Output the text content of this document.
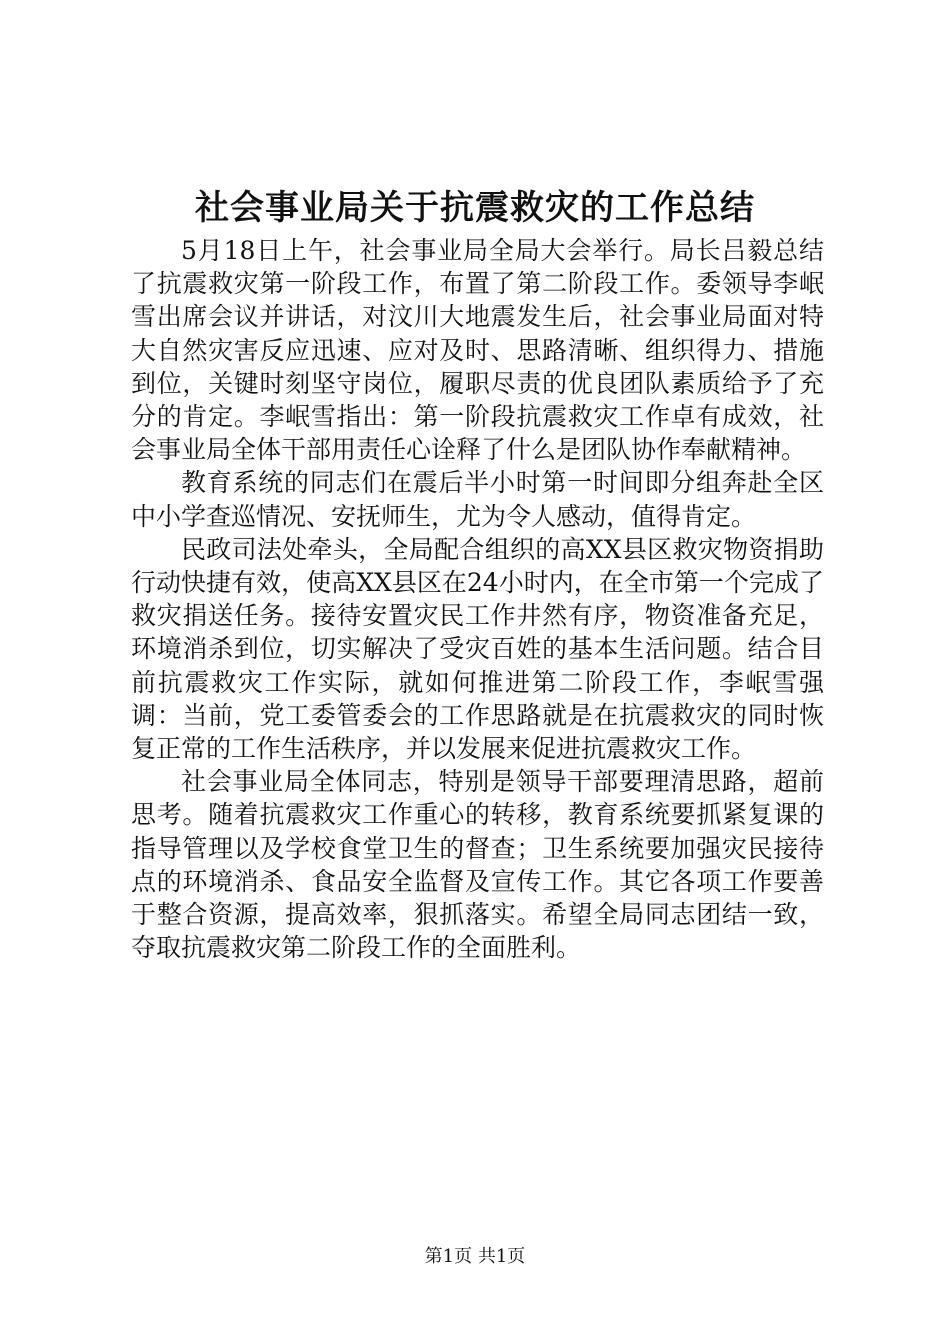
社会事业局关于抗震救灾的工作总结

5月18日上午，社会事业局全局大会举行。局长吕毅总结了抗震救灾第一阶段工作，布置了第二阶段工作。委领导李岷雪出席会议并讲话，对汶川大地震发生后，社会事业局面对特大自然灾害反应迅速、应对及时、思路清晰、组织得力、措施到位，关键时刻坚守岗位，履职尽责的优良团队素质给予了充分的肯定。李岷雪指出：第一阶段抗震救灾工作卓有成效，社会事业局全体干部用责任心诠释了什么是团队协作奉献精神。

教育系统的同志们在震后半小时第一时间即分组奔赴全区中小学查巡情况、安抚师生，尤为令人感动，值得肯定。

民政司法处牵头，全局配合组织的高XX县区救灾物资捐助行动快捷有效，使高XX县区在24小时内，在全市第一个完成了救灾捐送任务。接待安置灾民工作井然有序，物资准备充足，环境消杀到位，切实解决了受灾百姓的基本生活问题。结合目前抗震救灾工作实际，就如何推进第二阶段工作，李岷雪强调：当前，党工委管委会的工作思路就是在抗震救灾的同时恢复正常的工作生活秩序，并以发展来促进抗震救灾工作。

社会事业局全体同志，特别是领导干部要理清思路，超前思考。随着抗震救灾工作重心的转移，教育系统要抓紧复课的指导管理以及学校食堂卫生的督查；卫生系统要加强灾民接待点的环境消杀、食品安全监督及宣传工作。其它各项工作要善于整合资源，提高效率，狠抓落实。希望全局同志团结一致，夺取抗震救灾第二阶段工作的全面胜利。

第1页 共1页
